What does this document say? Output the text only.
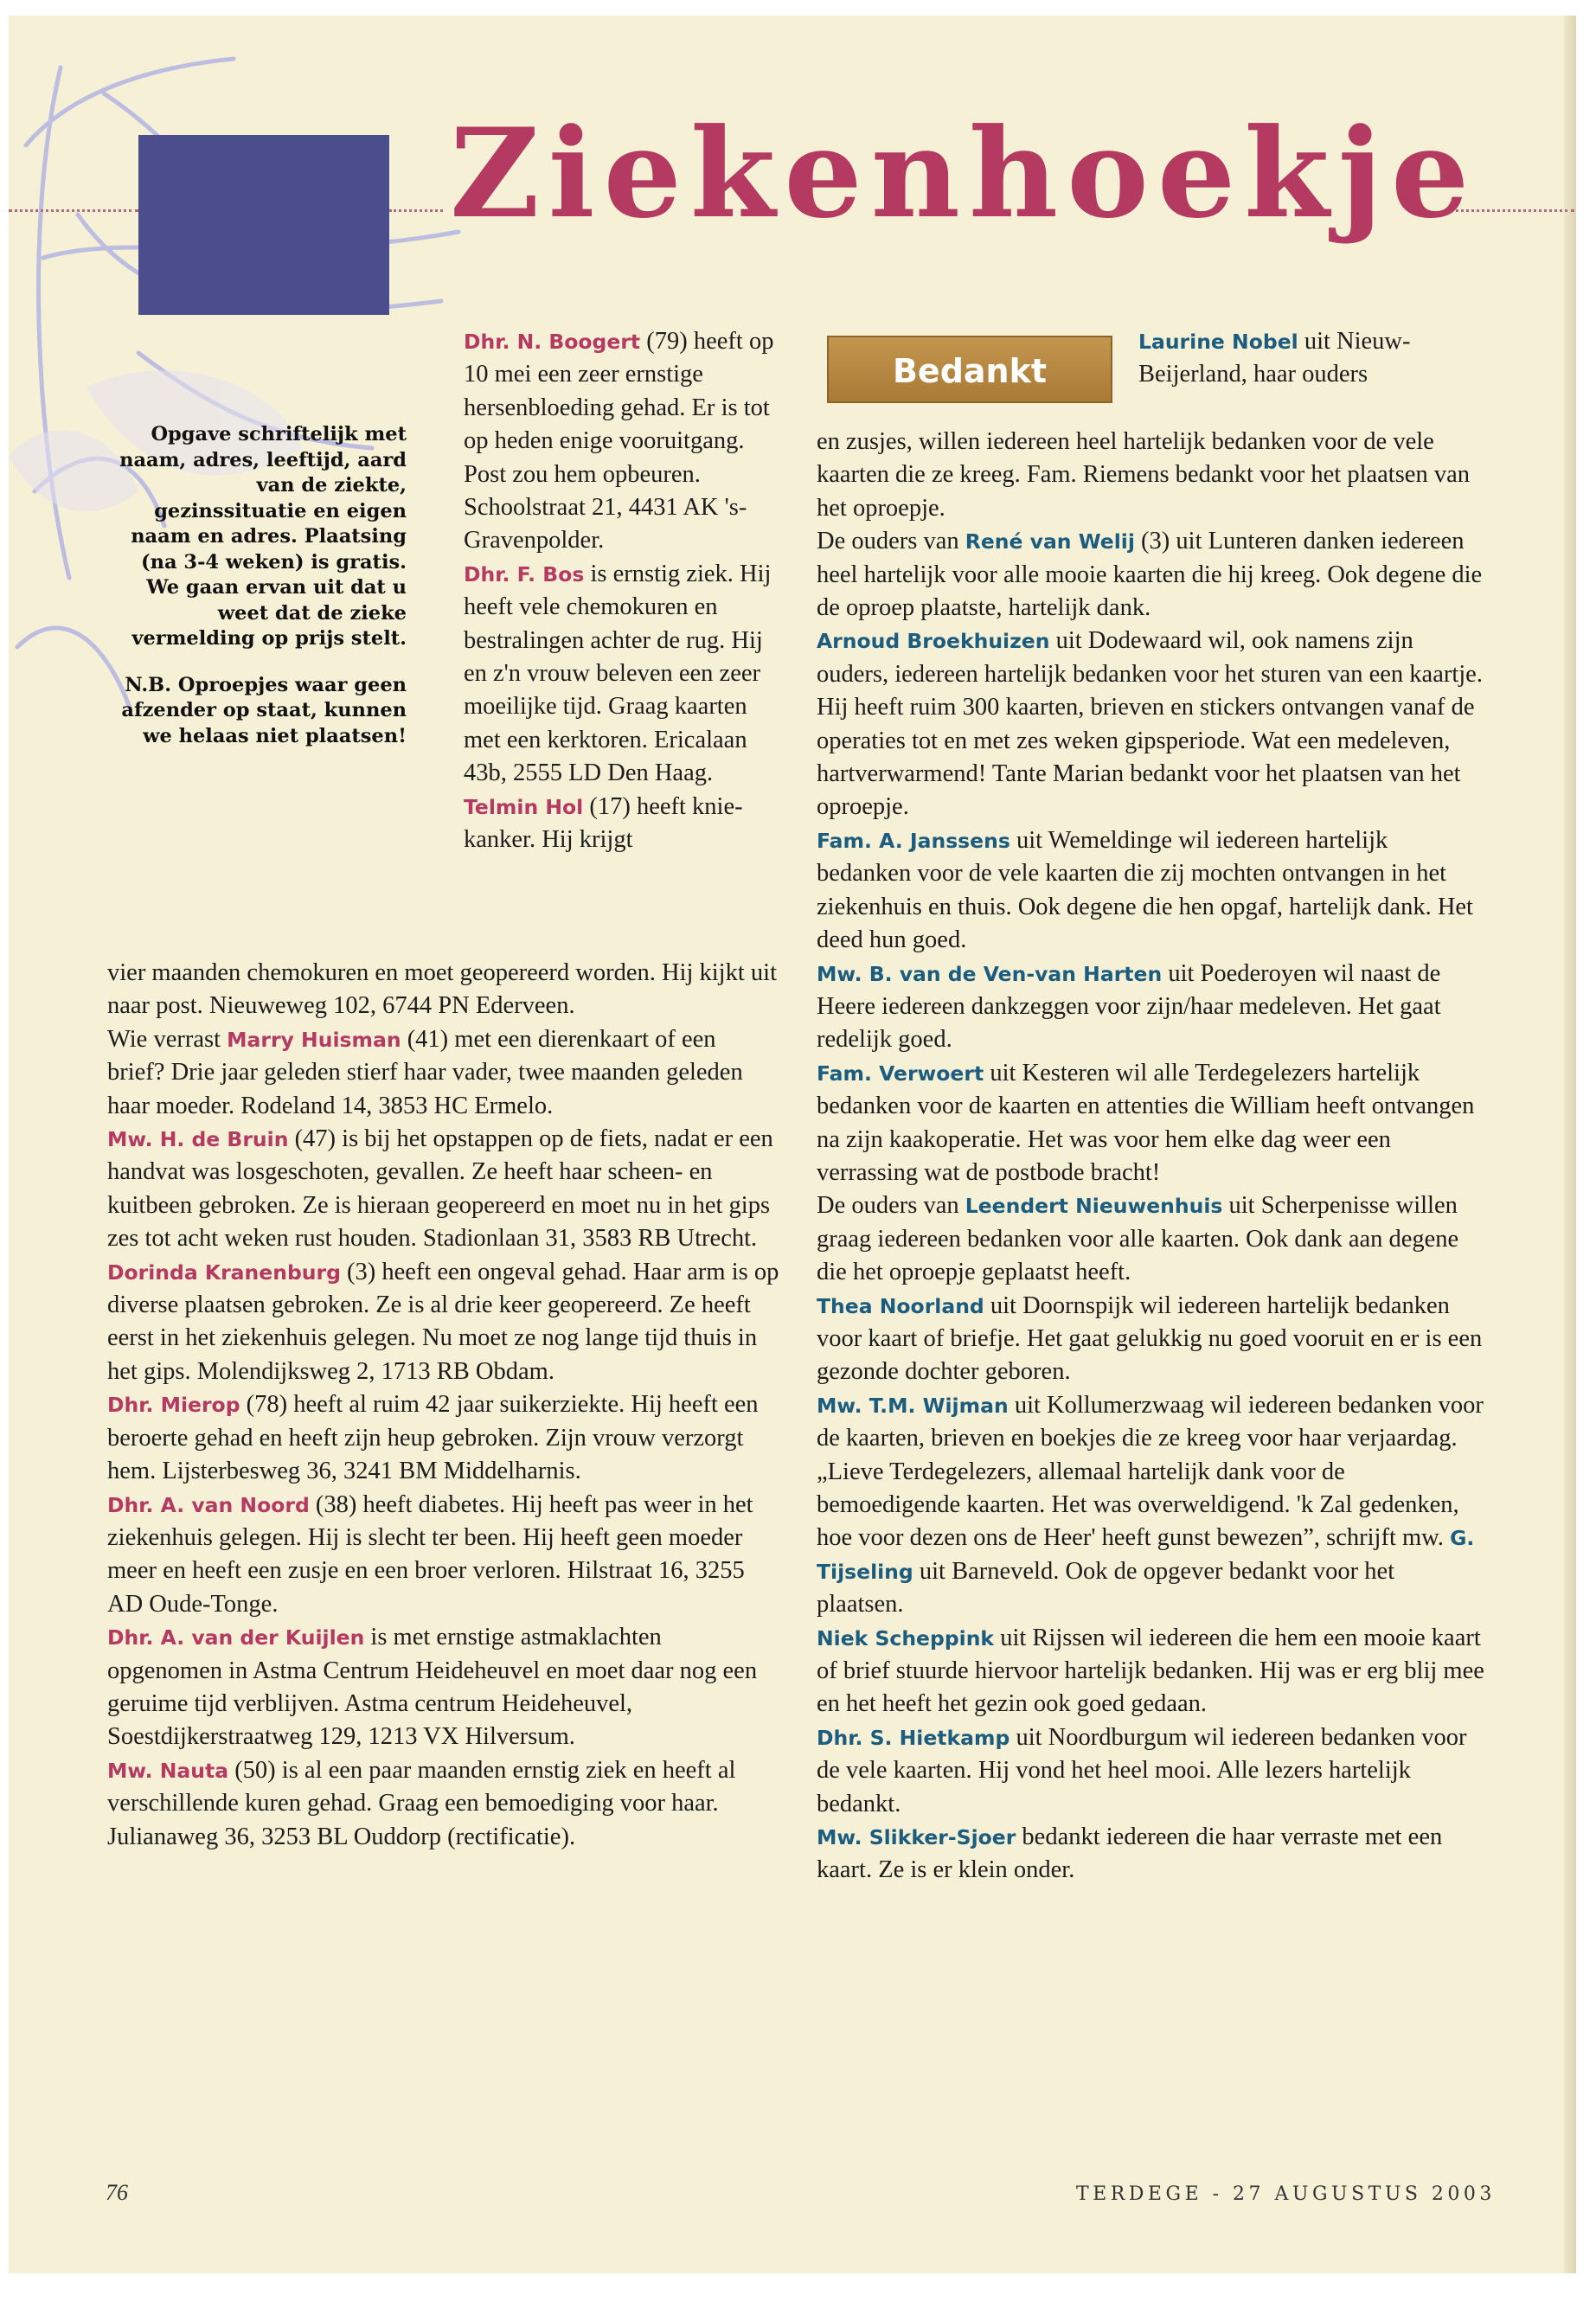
Ziekenhoekje

Opgave schriftelijk met naam, adres, leeftijd, aard van de ziekte, gezinssituatie en eigen naam en adres. Plaatsing (na 3-4 weken) is gratis. We gaan ervan uit dat u weet dat de zieke vermelding op prijs stelt.

N.B. Oproepjes waar geen afzender op staat, kunnen we helaas niet plaatsen!

Dhr. N. Boogert (79) heeft op 10 mei een zeer ernstige hersenbloeding gehad. Er is tot op heden enige vooruitgang. Post zou hem opbeuren. Schoolstraat 21, 4431 AK 's-Gravenpolder.

Dhr. F. Bos is ernstig ziek. Hij heeft vele chemokuren en bestralingen achter de rug. Hij en z'n vrouw beleven een zeer moeilijke tijd. Graag kaarten met een kerktoren. Ericalaan 43b, 2555 LD Den Haag.

Telmin Hol (17) heeft knie-kanker. Hij krijgt

vier maanden chemokuren en moet geopereerd worden. Hij kijkt uit naar post. Nieuweweg 102, 6744 PN Ederveen.

Wie verrast Marry Huisman (41) met een dierenkaart of een brief? Drie jaar geleden stierf haar vader, twee maanden geleden haar moeder. Rodeland 14, 3853 HC Ermelo.

Mw. H. de Bruin (47) is bij het opstappen op de fiets, nadat er een handvat was losgeschoten, gevallen. Ze heeft haar scheen- en kuitbeen gebroken. Ze is hieraan geopereerd en moet nu in het gips zes tot acht weken rust houden. Stadionlaan 31, 3583 RB Utrecht.

Dorinda Kranenburg (3) heeft een ongeval gehad. Haar arm is op diverse plaatsen gebroken. Ze is al drie keer geopereerd. Ze heeft eerst in het ziekenhuis gelegen. Nu moet ze nog lange tijd thuis in het gips. Molendijksweg 2, 1713 RB Obdam.

Dhr. Mierop (78) heeft al ruim 42 jaar suikerziekte. Hij heeft een beroerte gehad en heeft zijn heup gebroken. Zijn vrouw verzorgt hem. Lijsterbesweg 36, 3241 BM Middelharnis.

Dhr. A. van Noord (38) heeft diabetes. Hij heeft pas weer in het ziekenhuis gelegen. Hij is slecht ter been. Hij heeft geen moeder meer en heeft een zusje en een broer verloren. Hilstraat 16, 3255 AD Oude-Tonge.

Dhr. A. van der Kuijlen is met ernstige astmaklachten opgenomen in Astma Centrum Heideheuvel en moet daar nog een geruime tijd verblijven. Astma centrum Heideheuvel, Soestdijkerstraatweg 129, 1213 VX Hilversum.

Mw. Nauta (50) is al een paar maanden ernstig ziek en heeft al verschillende kuren gehad. Graag een bemoediging voor haar. Julianaweg 36, 3253 BL Ouddorp (rectificatie).

Bedankt

Laurine Nobel uit Nieuw-Beijerland, haar ouders

en zusjes, willen iedereen heel hartelijk bedanken voor de vele kaarten die ze kreeg. Fam. Riemens bedankt voor het plaatsen van het oproepje.

De ouders van René van Welij (3) uit Lunteren danken iedereen heel hartelijk voor alle mooie kaarten die hij kreeg. Ook degene die de oproep plaatste, hartelijk dank.

Arnoud Broekhuizen uit Dodewaard wil, ook namens zijn ouders, iedereen hartelijk bedanken voor het sturen van een kaartje. Hij heeft ruim 300 kaarten, brieven en stickers ontvangen vanaf de operaties tot en met zes weken gipsperiode. Wat een medeleven, hartverwarmend! Tante Marian bedankt voor het plaatsen van het oproepje.

Fam. A. Janssens uit Wemeldinge wil iedereen hartelijk bedanken voor de vele kaarten die zij mochten ontvangen in het ziekenhuis en thuis. Ook degene die hen opgaf, hartelijk dank. Het deed hun goed.

Mw. B. van de Ven-van Harten uit Poederoyen wil naast de Heere iedereen dankzeggen voor zijn/haar medeleven. Het gaat redelijk goed.

Fam. Verwoert uit Kesteren wil alle Terdegelezers hartelijk bedanken voor de kaarten en attenties die William heeft ontvangen na zijn kaakoperatie. Het was voor hem elke dag weer een verrassing wat de postbode bracht!

De ouders van Leendert Nieuwenhuis uit Scherpenisse willen graag iedereen bedanken voor alle kaarten. Ook dank aan degene die het oproepje geplaatst heeft.

Thea Noorland uit Doornspijk wil iedereen hartelijk bedanken voor kaart of briefje. Het gaat gelukkig nu goed vooruit en er is een gezonde dochter geboren.

Mw. T.M. Wijman uit Kollumerzwaag wil iedereen bedanken voor de kaarten, brieven en boekjes die ze kreeg voor haar verjaardag.

„Lieve Terdegelezers, allemaal hartelijk dank voor de bemoedigende kaarten. Het was overweldigend. 'k Zal gedenken, hoe voor dezen ons de Heer' heeft gunst bewezen”, schrijft mw. G. Tijseling uit Barneveld. Ook de opgever bedankt voor het plaatsen.

Niek Scheppink uit Rijssen wil iedereen die hem een mooie kaart of brief stuurde hiervoor hartelijk bedanken. Hij was er erg blij mee en het heeft het gezin ook goed gedaan.

Dhr. S. Hietkamp uit Noordburgum wil iedereen bedanken voor de vele kaarten. Hij vond het heel mooi. Alle lezers hartelijk bedankt.

Mw. Slikker-Sjoer bedankt iedereen die haar verraste met een kaart. Ze is er klein onder.

76	TERDEGE - 27 AUGUSTUS 2003
